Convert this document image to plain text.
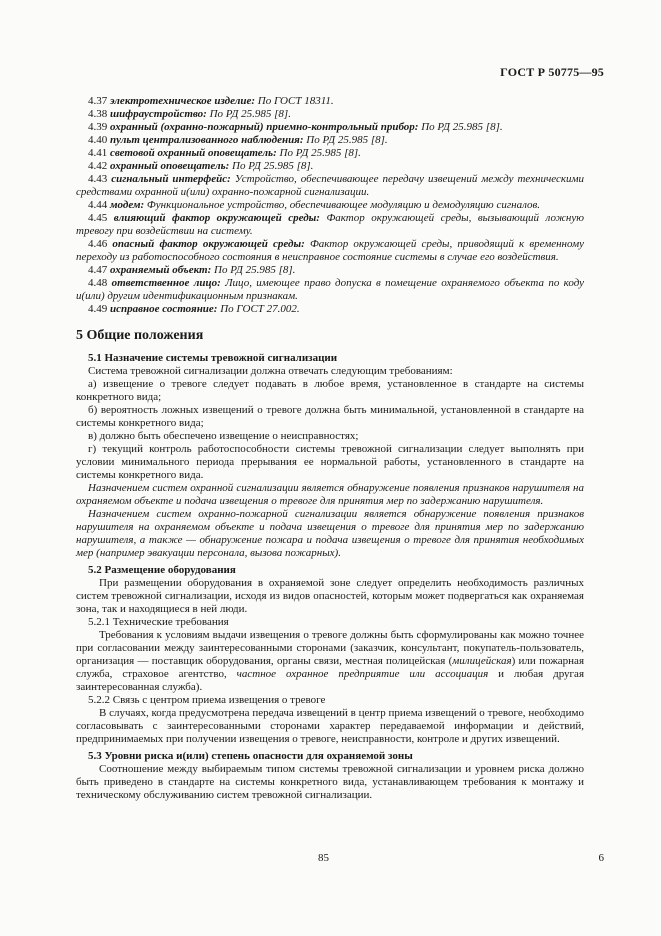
ГОСТ Р 50775—95

4.37 электротехническое изделие: По ГОСТ 18311.

4.38 шифраустройство: По РД 25.985 [8].

4.39 охранный (охранно-пожарный) приемно-контрольный прибор: По РД 25.985 [8].

4.40 пульт централизованного наблюдения: По РД 25.985 [8].

4.41 световой охранный оповещатель: По РД 25.985 [8].

4.42 охранный оповещатель: По РД 25.985 [8].

4.43 сигнальный интерфейс: Устройство, обеспечивающее передачу извещений между техническими средствами охранной и(или) охранно-пожарной сигнализации.

4.44 модем: Функциональное устройство, обеспечивающее модуляцию и демодуляцию сигналов.

4.45 влияющий фактор окружающей среды: Фактор окружающей среды, вызывающий ложную тревогу при воздействии на систему.

4.46 опасный фактор окружающей среды: Фактор окружающей среды, приводящий к временному переходу из работоспособного состояния в неисправное состояние системы в случае его воздействия.

4.47 охраняемый объект: По РД 25.985 [8].

4.48 ответственное лицо: Лицо, имеющее право допуска в помещение охраняемого объекта по коду и(или) другим идентификационным признакам.

4.49 исправное состояние: По ГОСТ 27.002.

5 Общие положения

5.1 Назначение системы тревожной сигнализации

Система тревожной сигнализации должна отвечать следующим требованиям:

а) извещение о тревоге следует подавать в любое время, установленное в стандарте на системы конкретного вида;

б) вероятность ложных извещений о тревоге должна быть минимальной, установленной в стандарте на системы конкретного вида;

в) должно быть обеспечено извещение о неисправностях;

г) текущий контроль работоспособности системы тревожной сигнализации следует выполнять при условии минимального периода прерывания ее нормальной работы, установленного в стандарте на системы конкретного вида.

Назначением систем охранной сигнализации является обнаружение появления признаков нарушителя на охраняемом объекте и подача извещения о тревоге для принятия мер по задержанию нарушителя.

Назначением систем охранно-пожарной сигнализации является обнаружение появления признаков нарушителя на охраняемом объекте и подача извещения о тревоге для принятия мер по задержанию нарушителя, а также — обнаружение пожара и подача извещения о тревоге для принятия необходимых мер (например эвакуации персонала, вызова пожарных).

5.2 Размещение оборудования

При размещении оборудования в охраняемой зоне следует определить необходимость различных систем тревожной сигнализации, исходя из видов опасностей, которым может подвергаться как охраняемая зона, так и находящиеся в ней люди.

5.2.1 Технические требования

Требования к условиям выдачи извещения о тревоге должны быть сформулированы как можно точнее при согласовании между заинтересованными сторонами (заказчик, консультант, покупатель-пользователь, организация — поставщик оборудования, органы связи, местная полицейская (милицейская) или пожарная служба, страховое агентство, частное охранное предприятие или ассоциация и любая другая заинтересованная служба).

5.2.2 Связь с центром приема извещения о тревоге

В случаях, когда предусмотрена передача извещений в центр приема извещений о тревоге, необходимо согласовывать с заинтересованными сторонами характер передаваемой информации и действий, предпринимаемых при получении извещения о тревоге, неисправности, контроле и других извещений.

5.3 Уровни риска и(или) степень опасности для охраняемой зоны

Соотношение между выбираемым типом системы тревожной сигнализации и уровнем риска должно быть приведено в стандарте на системы конкретного вида, устанавливающем требования к монтажу и техническому обслуживанию систем тревожной сигнализации.

85	6
